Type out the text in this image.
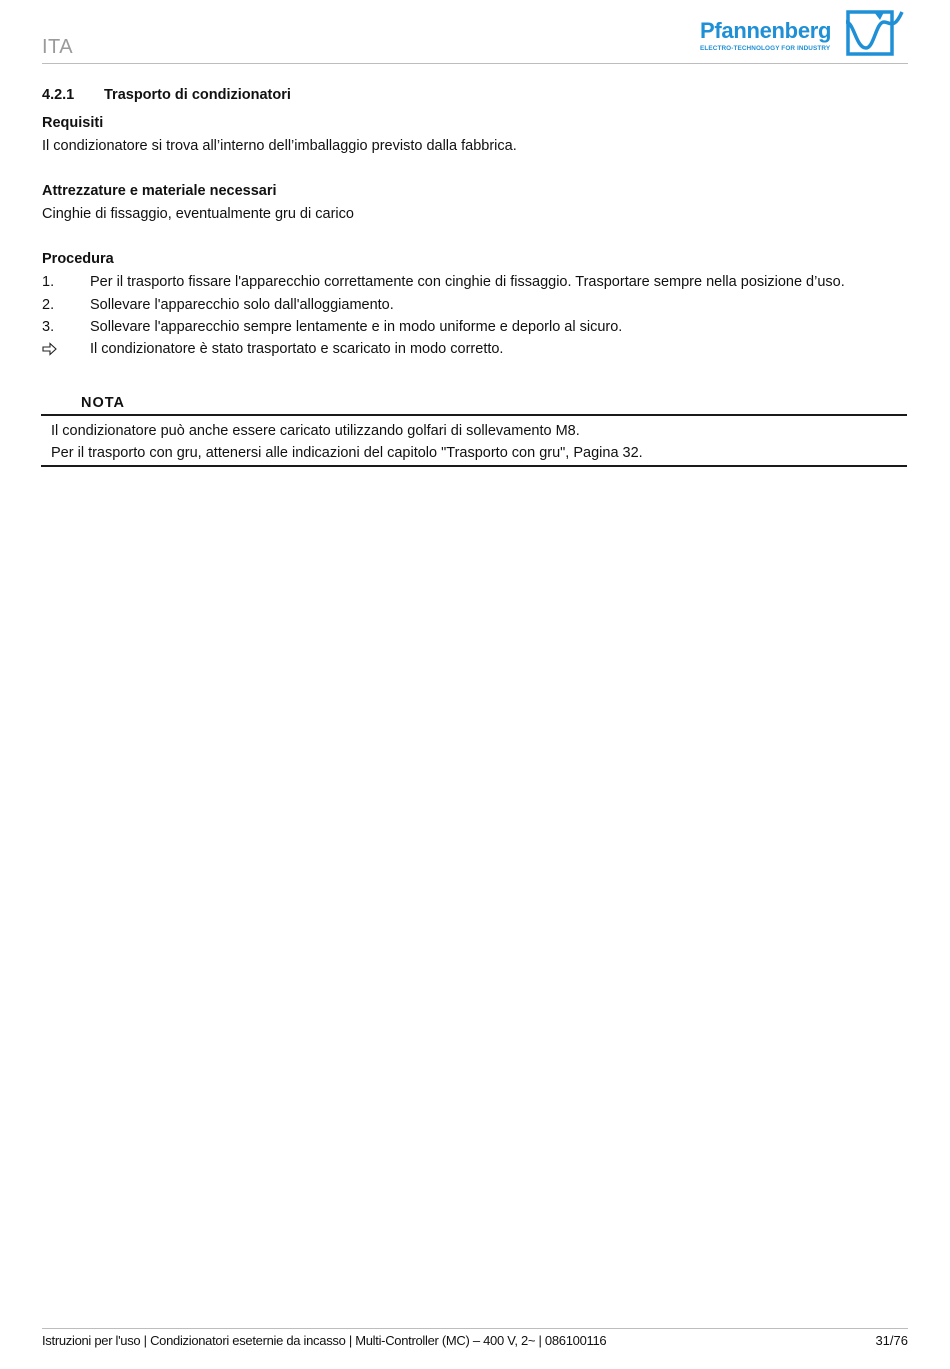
ITA
Pfannenberg
ELECTRO-TECHNOLOGY FOR INDUSTRY
4.2.1 Trasporto di condizionatori
Requisiti
Il condizionatore si trova all’interno dell’imballaggio previsto dalla fabbrica.
Attrezzature e materiale necessari
Cinghie di fissaggio, eventualmente gru di carico
Procedura
1. Per il trasporto fissare l'apparecchio correttamente con cinghie di fissaggio. Trasportare sempre nella posizione d’uso.
2. Sollevare l'apparecchio solo dall'alloggiamento.
3. Sollevare l'apparecchio sempre lentamente e in modo uniforme e deporlo al sicuro.
Il condizionatore è stato trasportato e scaricato in modo corretto.
NOTA
Il condizionatore può anche essere caricato utilizzando golfari di sollevamento M8.
Per il trasporto con gru, attenersi alle indicazioni del capitolo "Trasporto con gru", Pagina 32.
Istruzioni per l'uso | Condizionatori eseternie da incasso | Multi-Controller (MC) – 400 V, 2~ | 086100116	31/76
